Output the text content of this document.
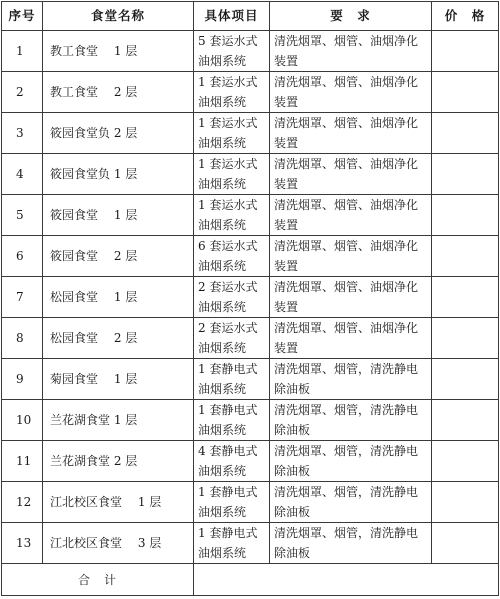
序号	食堂名称	具体项目	要　求	价　格
1	教工食堂　 1 层	5 套运水式油烟系统	清洗烟罩、烟管、油烟净化装置	
2	教工食堂　 2 层	1 套运水式油烟系统	清洗烟罩、烟管、油烟净化装置	
3	筱园食堂负 2 层	1 套运水式油烟系统	清洗烟罩、烟管、油烟净化装置	
4	筱园食堂负 1 层	1 套运水式油烟系统	清洗烟罩、烟管、油烟净化装置	
5	筱园食堂　 1 层	1 套运水式油烟系统	清洗烟罩、烟管、油烟净化装置	
6	筱园食堂　 2 层	6 套运水式油烟系统	清洗烟罩、烟管、油烟净化装置	
7	松园食堂　 1 层	2 套运水式油烟系统	清洗烟罩、烟管、油烟净化装置	
8	松园食堂　 2 层	2 套运水式油烟系统	清洗烟罩、烟管、油烟净化装置	
9	菊园食堂　 1 层	1 套静电式油烟系统	清洗烟罩、烟管，清洗静电除油板	
10	兰花湖食堂 1 层	1 套静电式油烟系统	清洗烟罩、烟管，清洗静电除油板	
11	兰花湖食堂 2 层	4 套静电式油烟系统	清洗烟罩、烟管，清洗静电除油板	
12	江北校区食堂　 1 层	1 套静电式油烟系统	清洗烟罩、烟管，清洗静电除油板	
13	江北校区食堂　 3 层	1 套静电式油烟系统	清洗烟罩、烟管，清洗静电除油板	
合　计				
